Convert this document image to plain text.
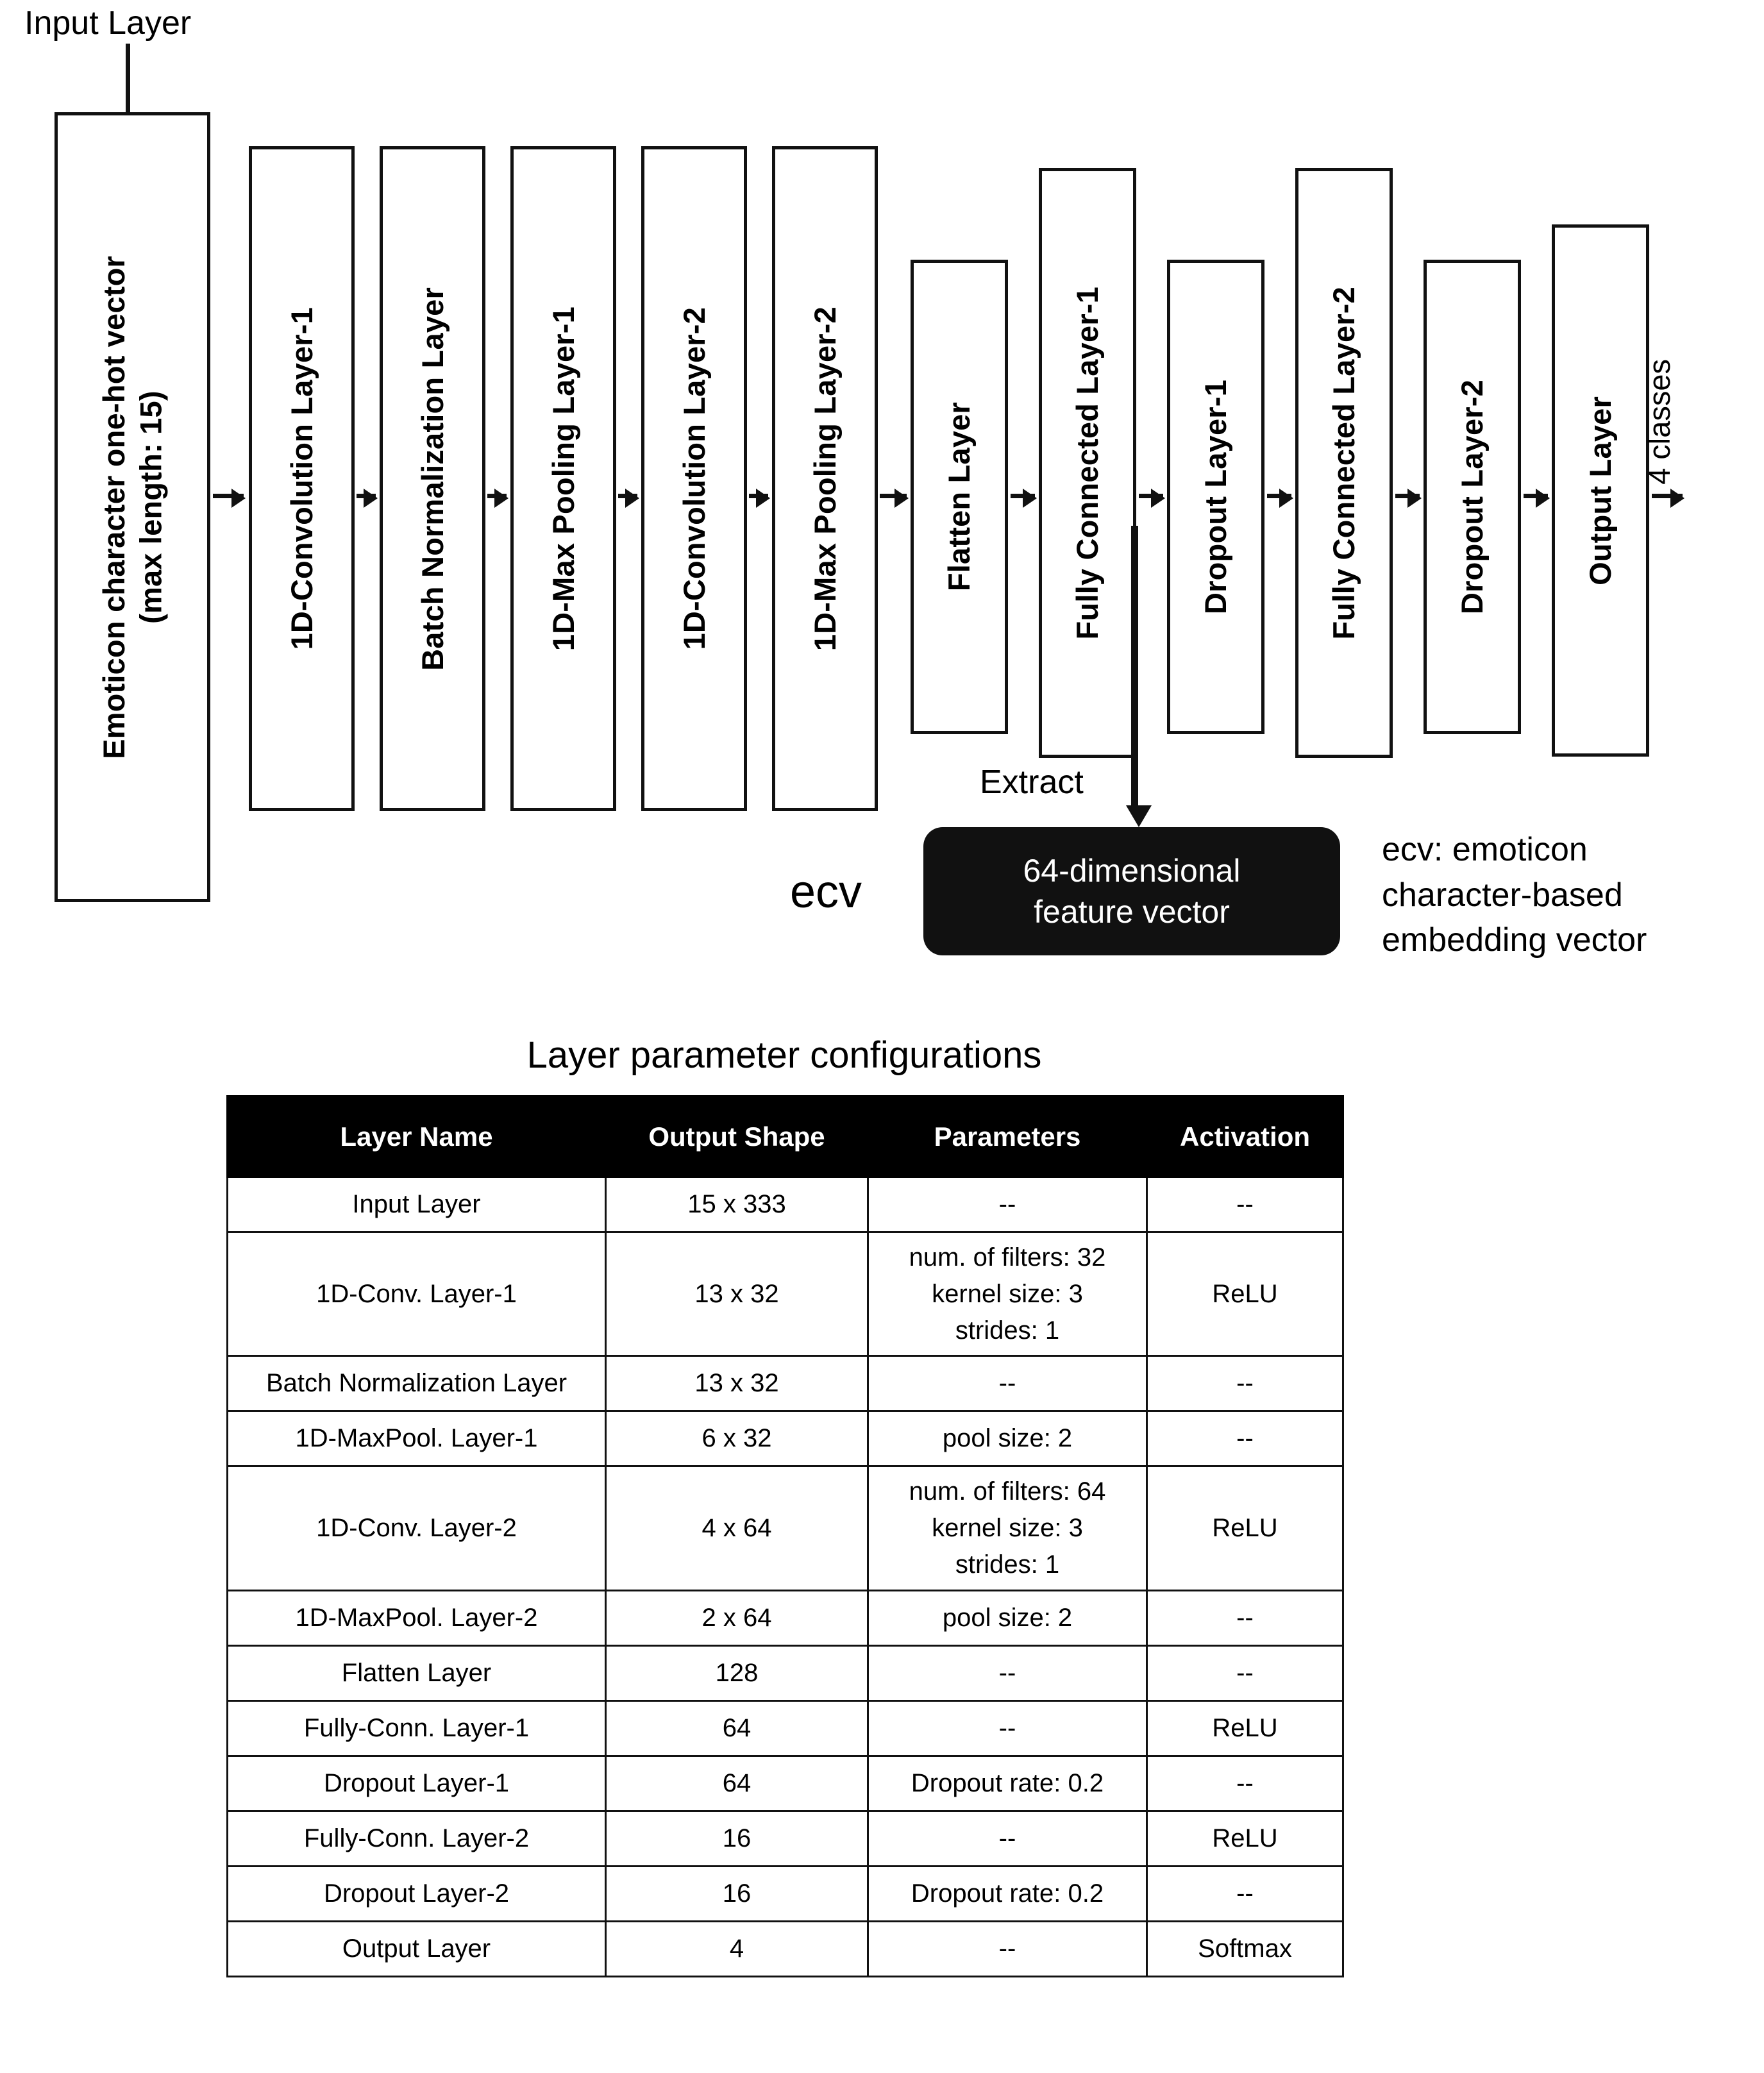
Input Layer
Emoticon character one-hot vector
(max length: 15)	1D-Convolution Layer-1	Batch Normalization Layer	1D-Max Pooling Layer-1	1D-Convolution Layer-2	1D-Max Pooling Layer-2	Flatten Layer	Fully Connected Layer-1	Dropout Layer-1	Fully Connected Layer-2	Dropout Layer-2	Output Layer 4 classes
Extract
ecv	64-dimensional
feature vector
ecv: emoticon
character-based
embedding vector
Layer parameter configurations
Layer Name	Output Shape	Parameters	Activation
Input Layer	15 x 333	--	--
1D-Conv. Layer-1	13 x 32	num. of filters: 32
kernel size: 3
strides: 1	ReLU
Batch Normalization Layer	13 x 32	--	--
1D-MaxPool. Layer-1	6 x 32	pool size: 2	--
1D-Conv. Layer-2	4 x 64	num. of filters: 64
kernel size: 3
strides: 1	ReLU
1D-MaxPool. Layer-2	2 x 64	pool size: 2	--
Flatten Layer	128	--	--
Fully-Conn. Layer-1	64	--	ReLU
Dropout Layer-1	64	Dropout rate: 0.2	--
Fully-Conn. Layer-2	16	--	ReLU
Dropout Layer-2	16	Dropout rate: 0.2	--
Output Layer	4	--	Softmax
